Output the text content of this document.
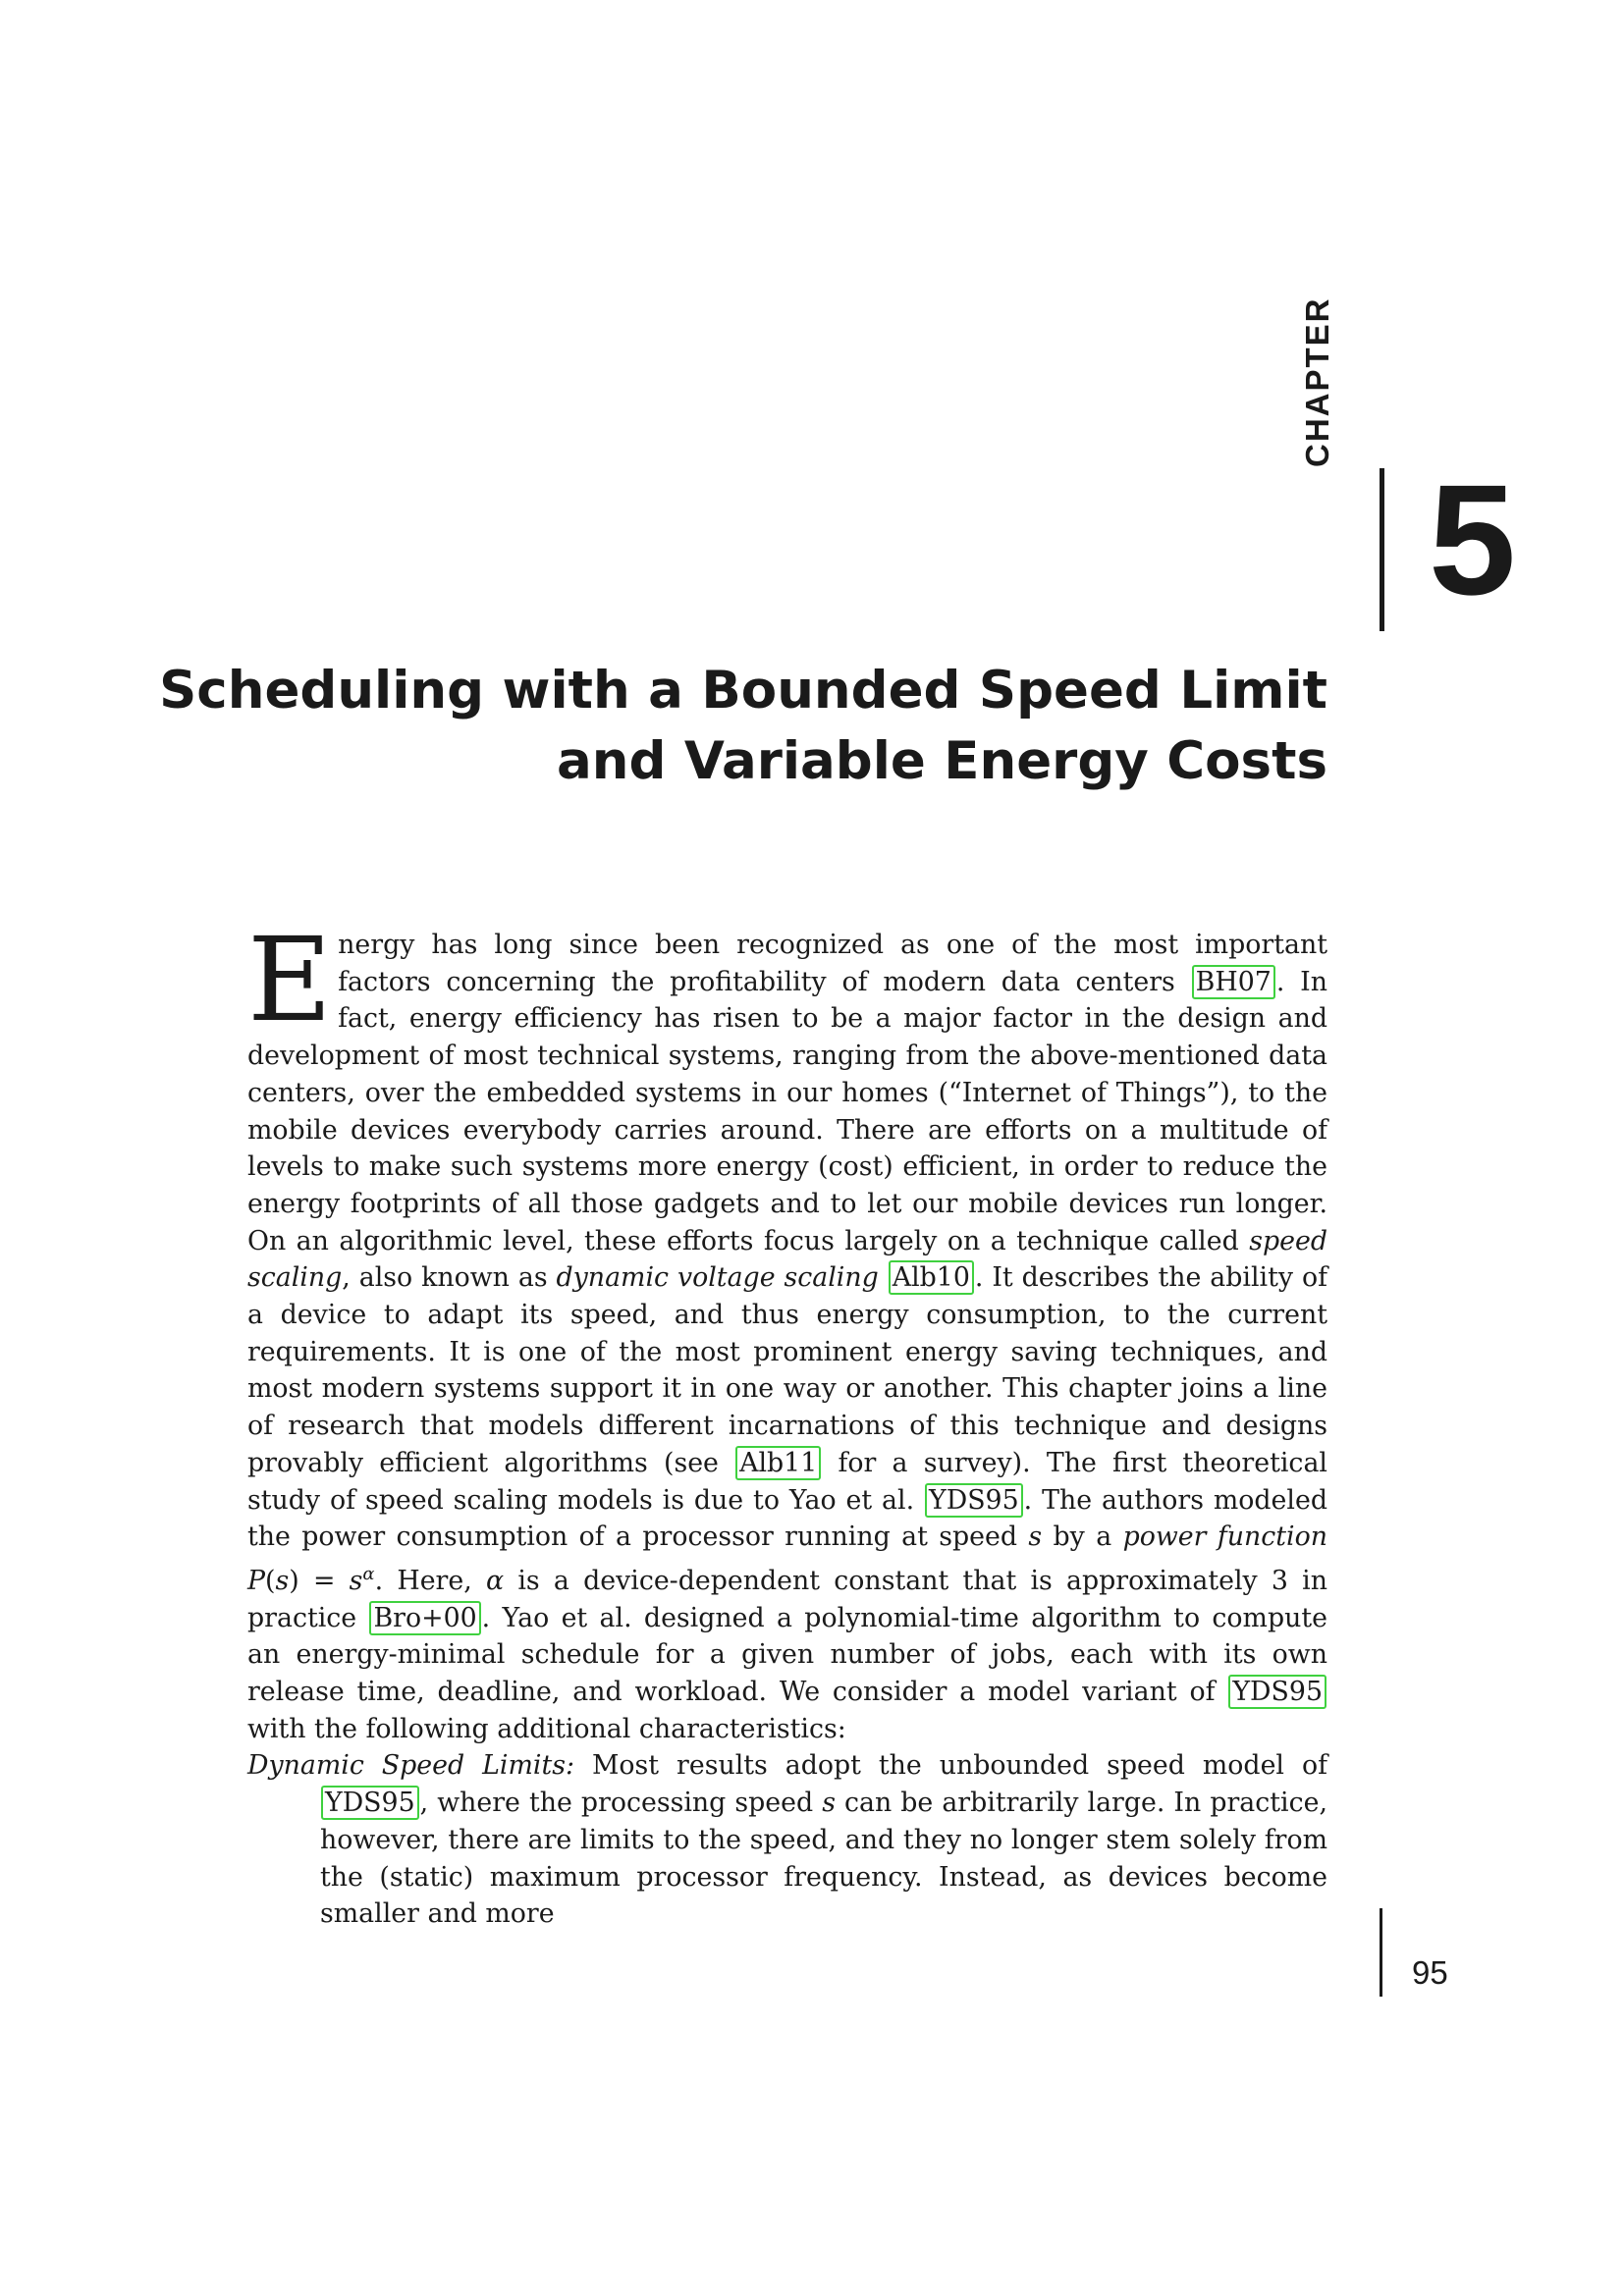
CHAPTER
5
Scheduling with a Bounded Speed Limit
and Variable Energy Costs

Energy has long since been recognized as one of the most important factors concerning the profitability of modern data centers BH07 . In fact, energy efficiency has risen to be a major factor in the design and development of most technical systems, ranging from the above-mentioned data centers, over the embedded systems in our homes (“Internet of Things”), to the mobile devices everybody carries around. There are efforts on a multitude of levels to make such systems more energy (cost) efficient, in order to reduce the energy footprints of all those gadgets and to let our mobile devices run longer. On an algorithmic level, these efforts focus largely on a technique called speed scaling, also known as dynamic voltage scaling Alb10 . It describes the ability of a device to adapt its speed, and thus energy consumption, to the current requirements. It is one of the most prominent energy saving techniques, and most modern systems support it in one way or another. This chapter joins a line of research that models different incarnations of this technique and designs provably efficient algorithms (see Alb11 for a survey). The first theoretical study of speed scaling models is due to Yao et al. YDS95 . The authors modeled the power consumption of a processor running at speed s by a power function $P(s) = s^\alpha$. Here, α is a device-dependent constant that is approximately 3 in practice Bro+00 . Yao et al. designed a polynomial-time algorithm to compute an energy-minimal schedule for a given number of jobs, each with its own release time, deadline, and workload. We consider a model variant of YDS95 with the following additional characteristics:

Dynamic Speed Limits: Most results adopt the unbounded speed model of YDS95 , where the processing speed s can be arbitrarily large. In practice, however, there are limits to the speed, and they no longer stem solely from the (static) maximum processor frequency. Instead, as devices become smaller and more

95
